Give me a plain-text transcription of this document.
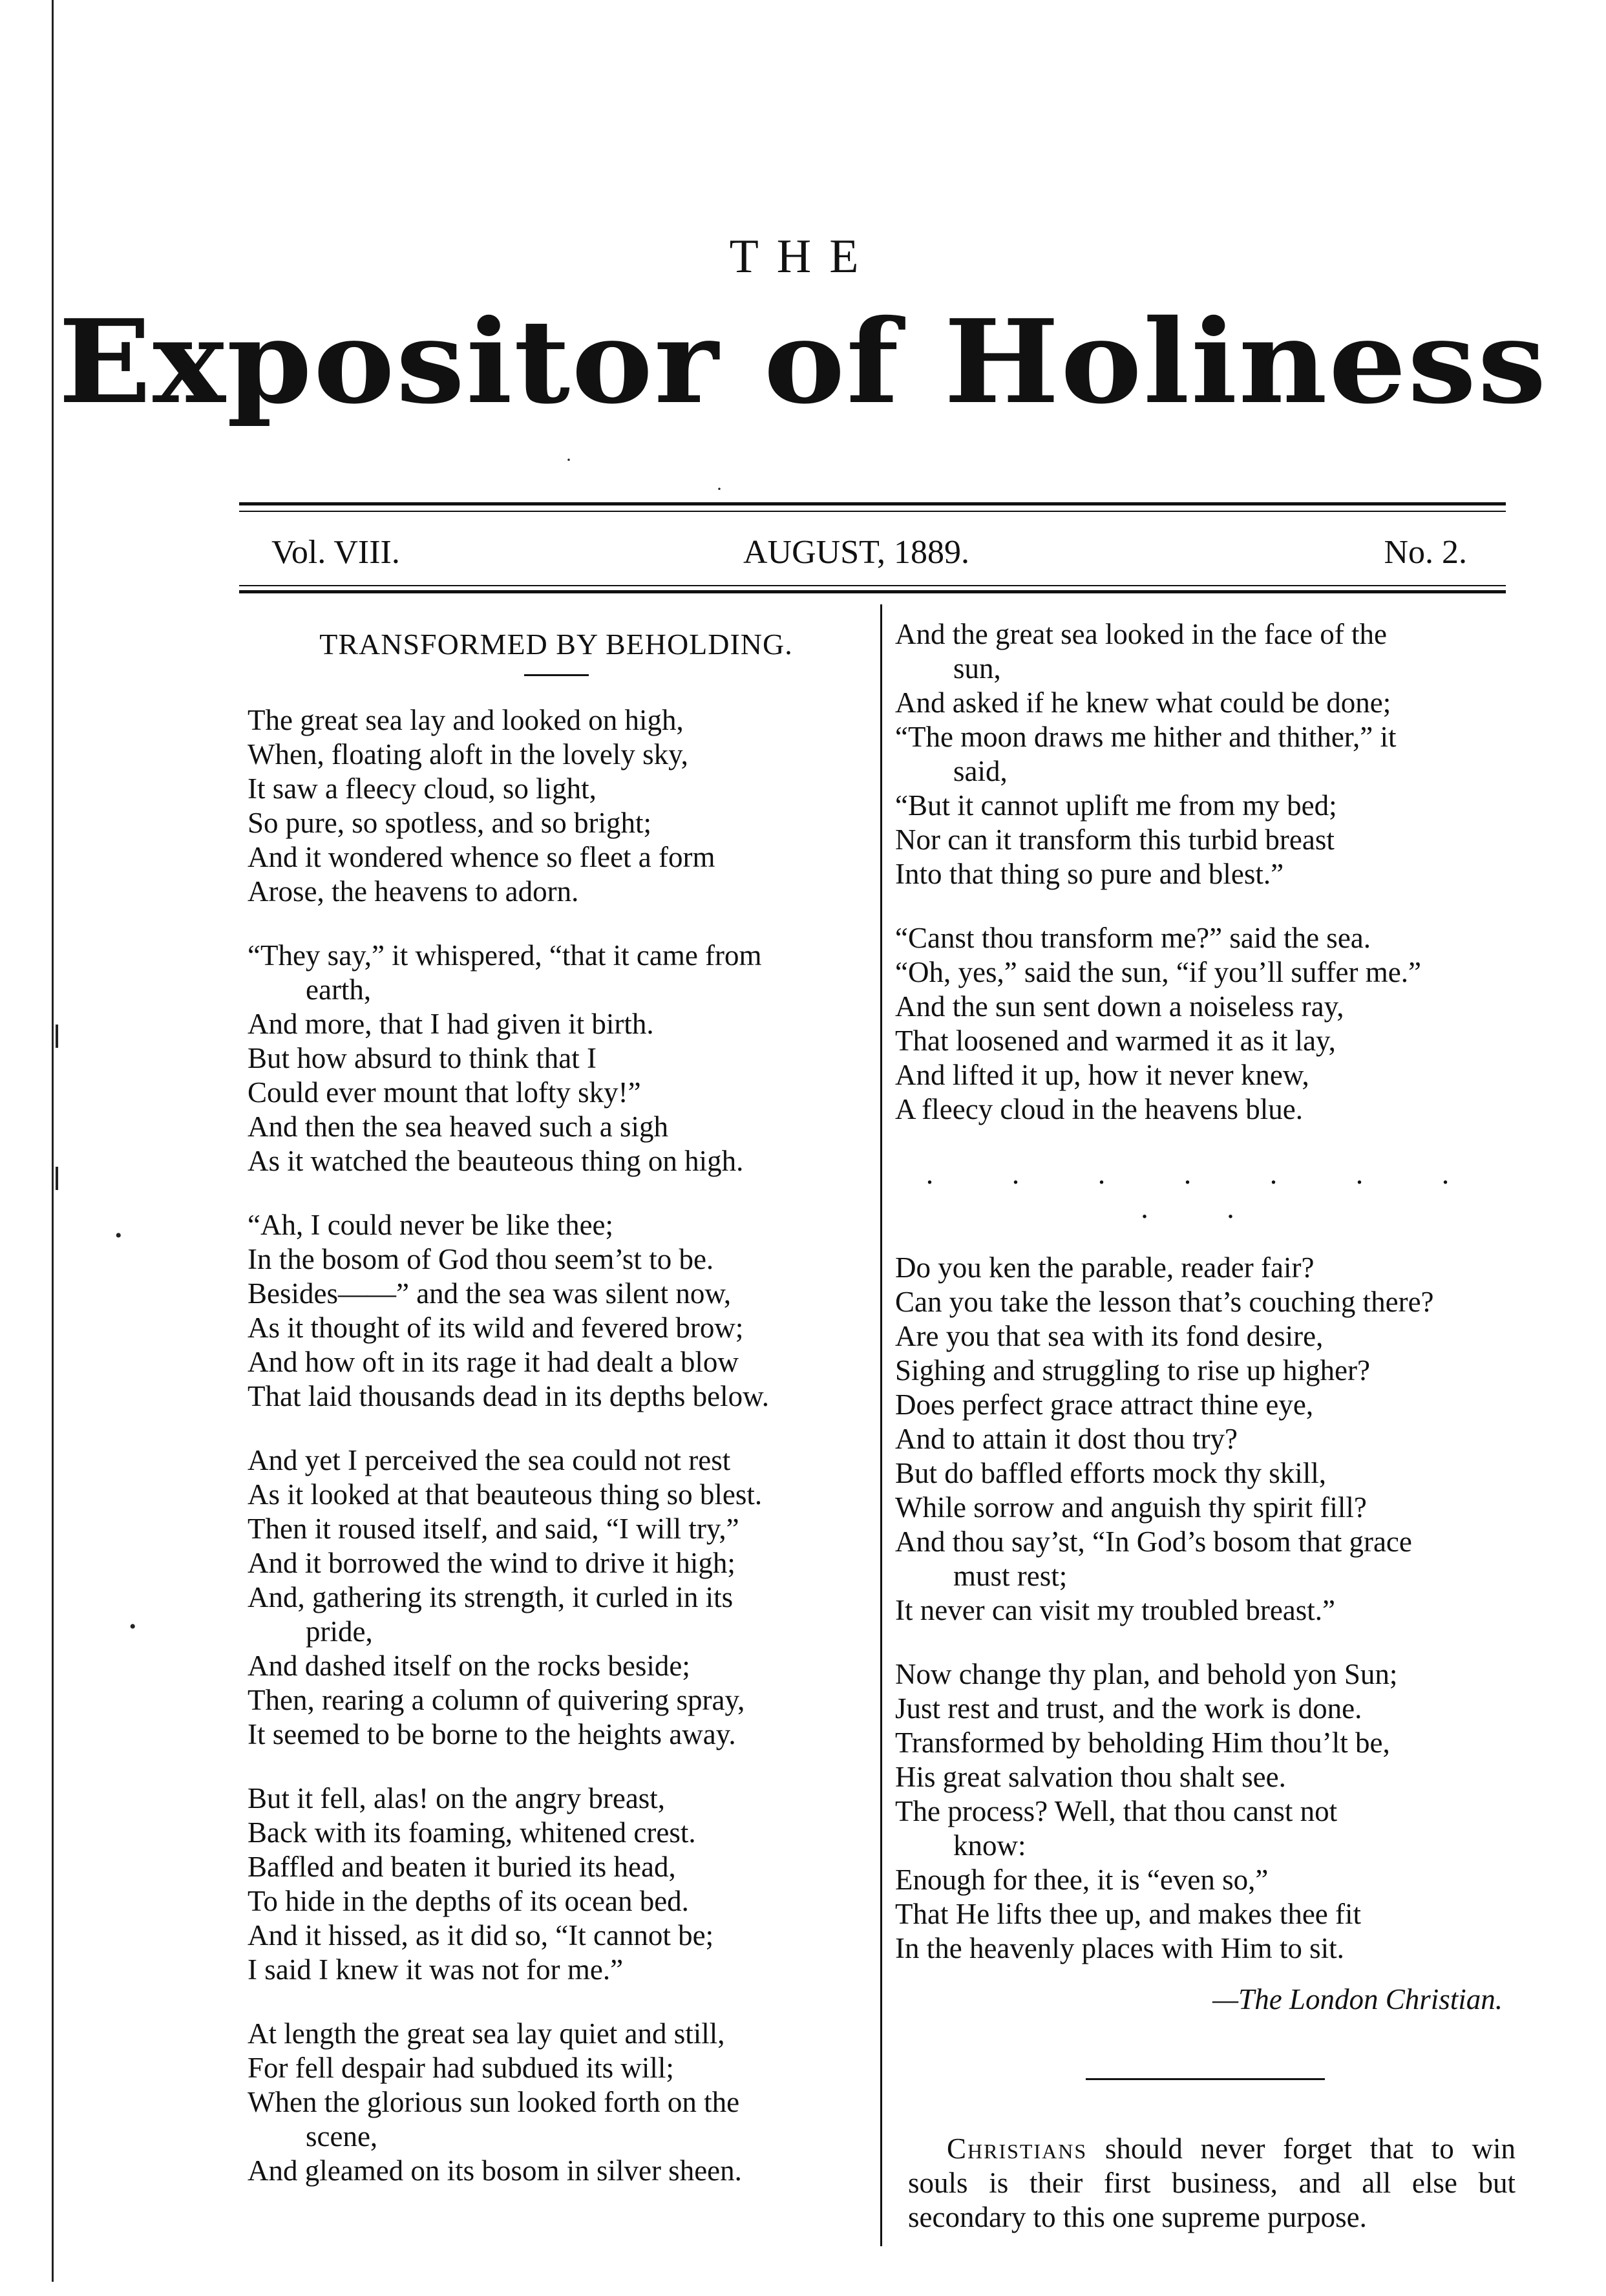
•
•
·
·
THE
Expositor of Holiness
Vol. VIII.	AUGUST, 1889.	No. 2.
TRANSFORMED BY BEHOLDING.
The great sea lay and looked on high,
When, floating aloft in the lovely sky,
It saw a fleecy cloud, so light,
So pure, so spotless, and so bright;
And it wondered whence so fleet a form
Arose, the heavens to adorn.
“They say,” it whispered, “that it came from
earth,
And more, that I had given it birth.
But how absurd to think that I
Could ever mount that lofty sky!”
And then the sea heaved such a sigh
As it watched the beauteous thing on high.
“Ah, I could never be like thee;
In the bosom of God thou seem’st to be.
Besides——” and the sea was silent now,
As it thought of its wild and fevered brow;
And how oft in its rage it had dealt a blow
That laid thousands dead in its depths below.
And yet I perceived the sea could not rest
As it looked at that beauteous thing so blest.
Then it roused itself, and said, “I will try,”
And it borrowed the wind to drive it high;
And, gathering its strength, it curled in its
pride,
And dashed itself on the rocks beside;
Then, rearing a column of quivering spray,
It seemed to be borne to the heights away.
But it fell, alas! on the angry breast,
Back with its foaming, whitened crest.
Baffled and beaten it buried its head,
To hide in the depths of its ocean bed.
And it hissed, as it did so, “It cannot be;
I said I knew it was not for me.”
At length the great sea lay quiet and still,
For fell despair had subdued its will;
When the glorious sun looked forth on the
scene,
And gleamed on its bosom in silver sheen.
And the great sea looked in the face of the
sun,
And asked if he knew what could be done;
“The moon draws me hither and thither,” it
said,
“But it cannot uplift me from my bed;
Nor can it transform this turbid breast
Into that thing so pure and blest.”
“Canst thou transform me?” said the sea.
“Oh, yes,” said the sun, “if you’ll suffer me.”
And the sun sent down a noiseless ray,
That loosened and warmed it as it lay,
And lifted it up, how it never knew,
A fleecy cloud in the heavens blue.
. . . . . . . . .
Do you ken the parable, reader fair?
Can you take the lesson that’s couching there?
Are you that sea with its fond desire,
Sighing and struggling to rise up higher?
Does perfect grace attract thine eye,
And to attain it dost thou try?
But do baffled efforts mock thy skill,
While sorrow and anguish thy spirit fill?
And thou say’st, “In God’s bosom that grace
must rest;
It never can visit my troubled breast.”
Now change thy plan, and behold yon Sun;
Just rest and trust, and the work is done.
Transformed by beholding Him thou’lt be,
His great salvation thou shalt see.
The process? Well, that thou canst not
know:
Enough for thee, it is “even so,”
That He lifts thee up, and makes thee fit
In the heavenly places with Him to sit.
—The London Christian.
Christians should never forget that to win souls is their first business, and all else but secondary to this one supreme purpose.
